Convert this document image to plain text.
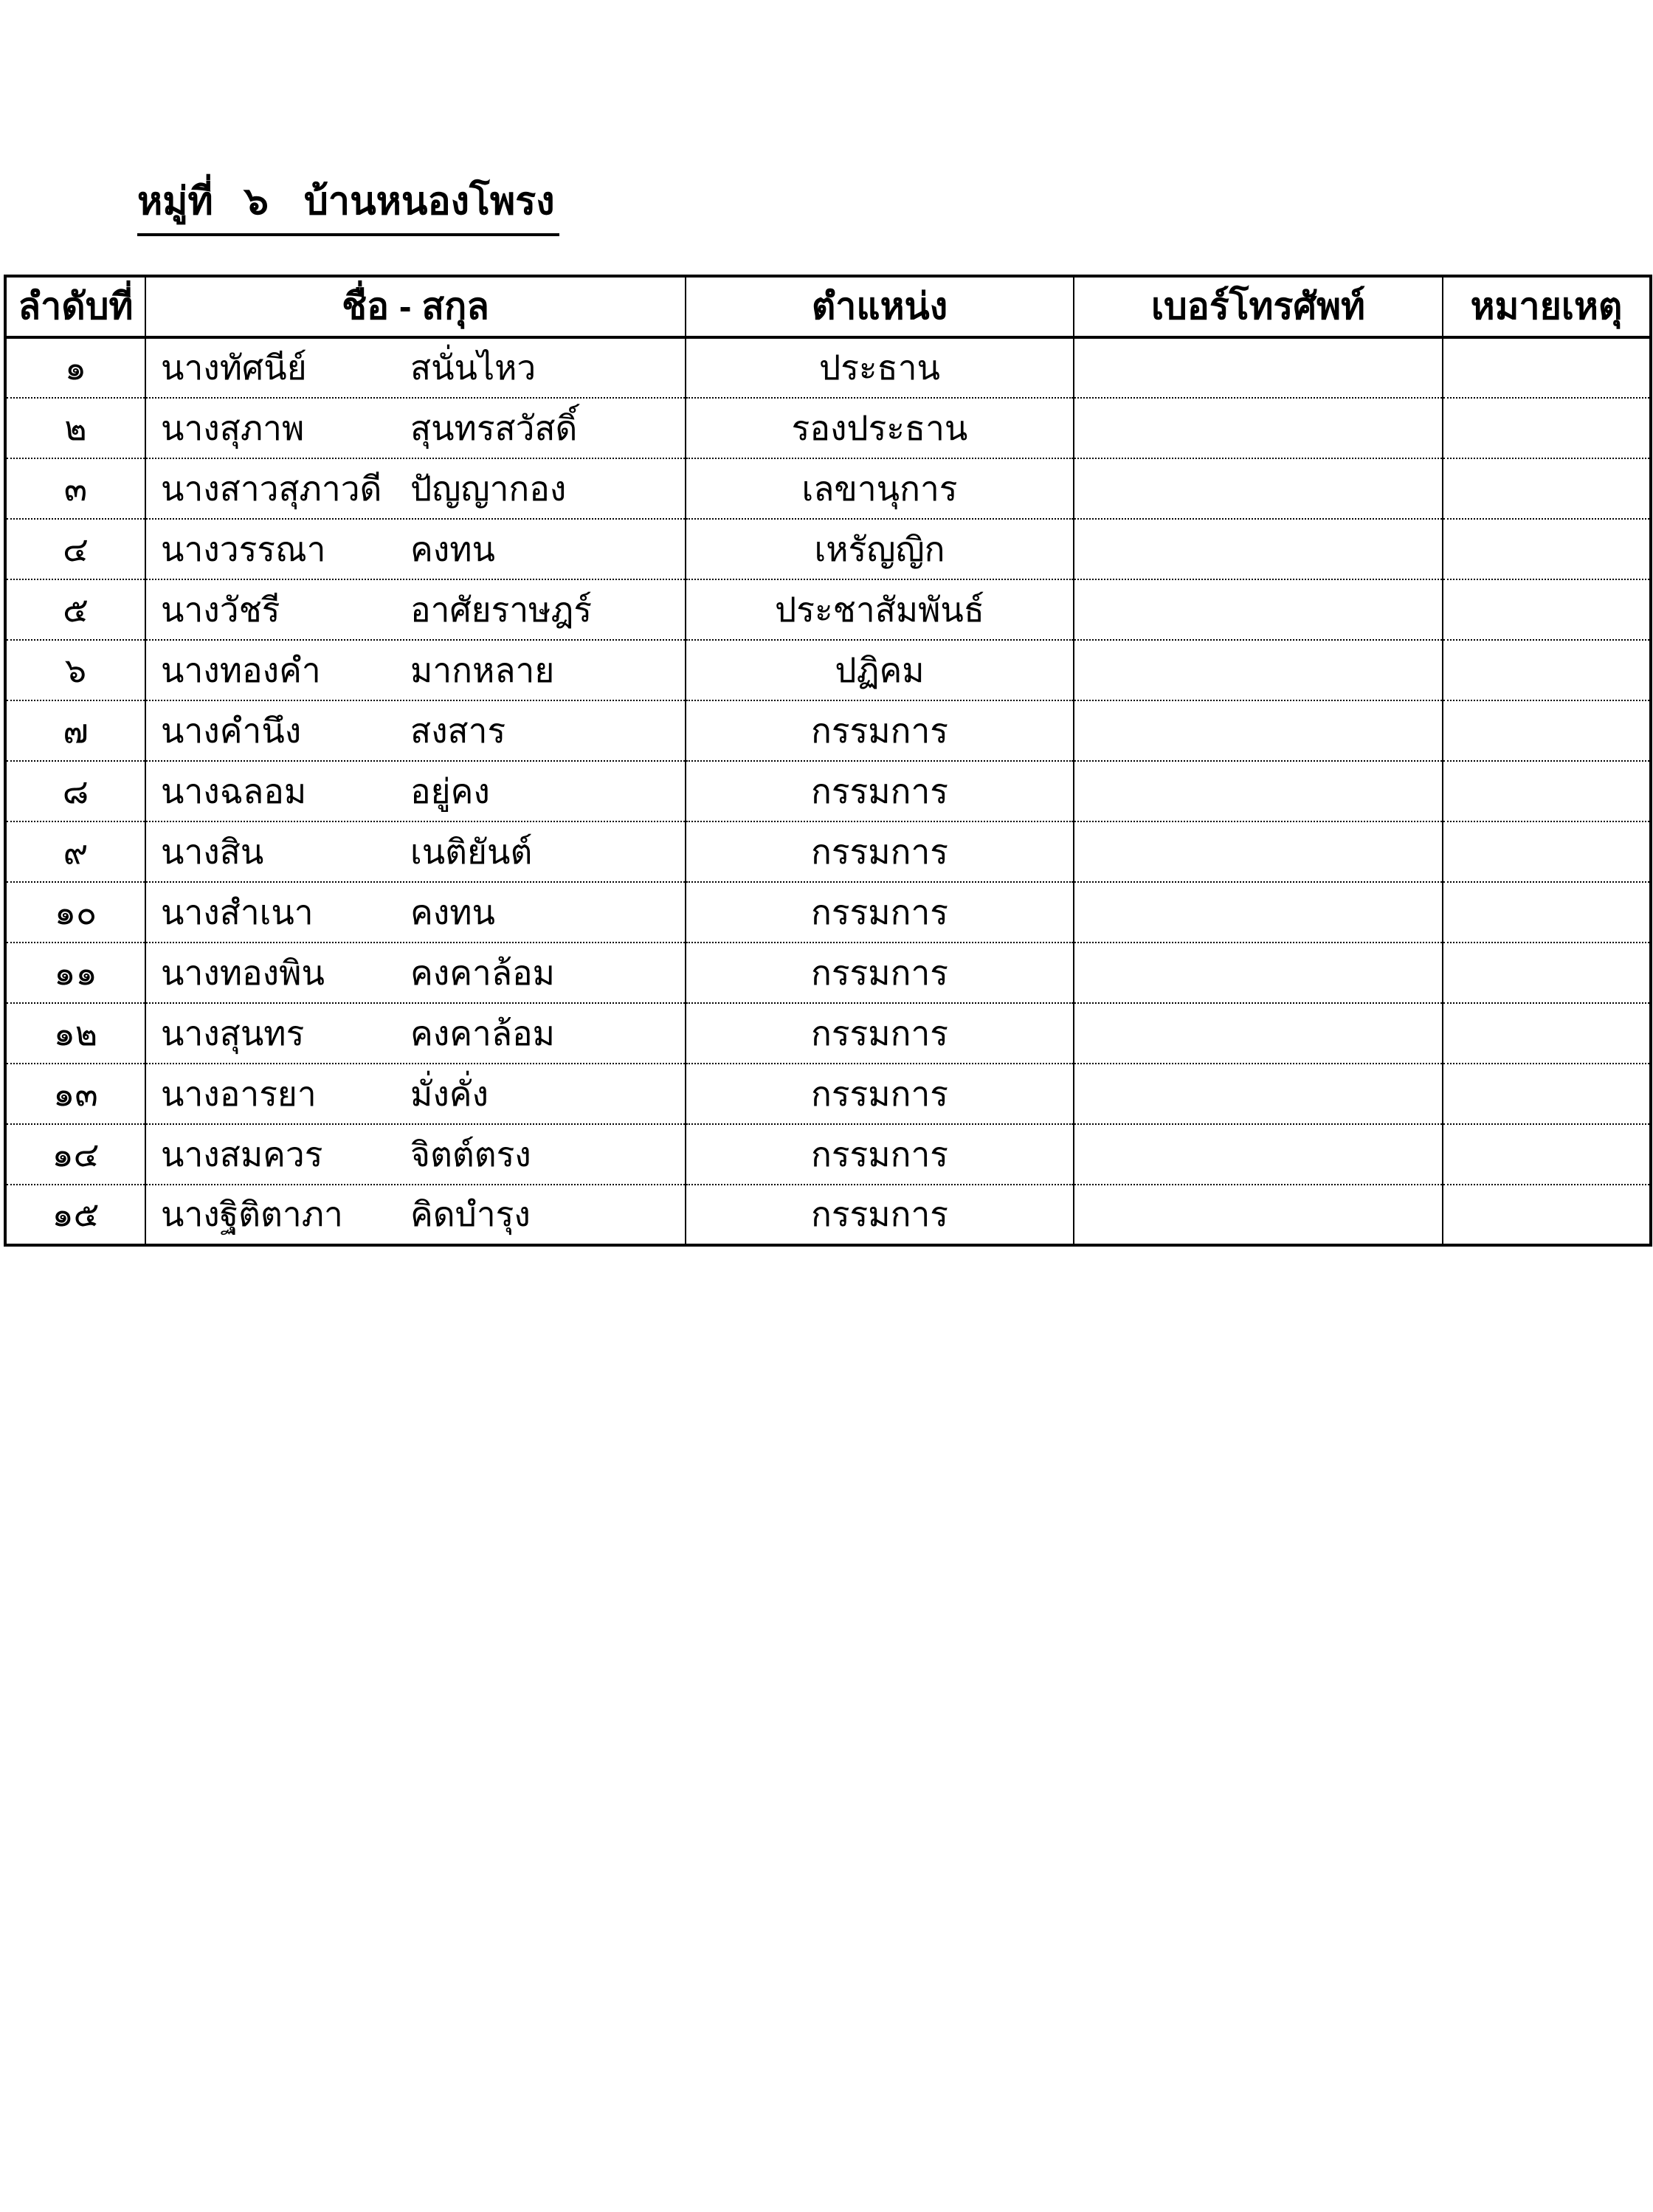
หมู่ที่ ๖ บ้านหนองโพรง
ลำดับที่	ชื่อ - สกุล	ตำแหน่ง	เบอร์โทรศัพท์	หมายเหตุ
๑	นางทัศนีย์ สนั่นไหว	ประธาน		
๒	นางสุภาพ สุนทรสวัสดิ์	รองประธาน		
๓	นางสาวสุภาวดี ปัญญากอง	เลขานุการ		
๔	นางวรรณา คงทน	เหรัญญิก		
๕	นางวัชรี อาศัยราษฎร์	ประชาสัมพันธ์		
๖	นางทองคำ มากหลาย	ปฏิคม		
๗	นางคำนึง สงสาร	กรรมการ		
๘	นางฉลอม อยู่คง	กรรมการ		
๙	นางสิน เนติยันต์	กรรมการ		
๑๐	นางสำเนา คงทน	กรรมการ		
๑๑	นางทองพิน คงคาล้อม	กรรมการ		
๑๒	นางสุนทร คงคาล้อม	กรรมการ		
๑๓	นางอารยา มั่งคั่ง	กรรมการ		
๑๔	นางสมควร จิตต์ตรง	กรรมการ		
๑๕	นางฐิติตาภา คิดบำรุง	กรรมการ		
